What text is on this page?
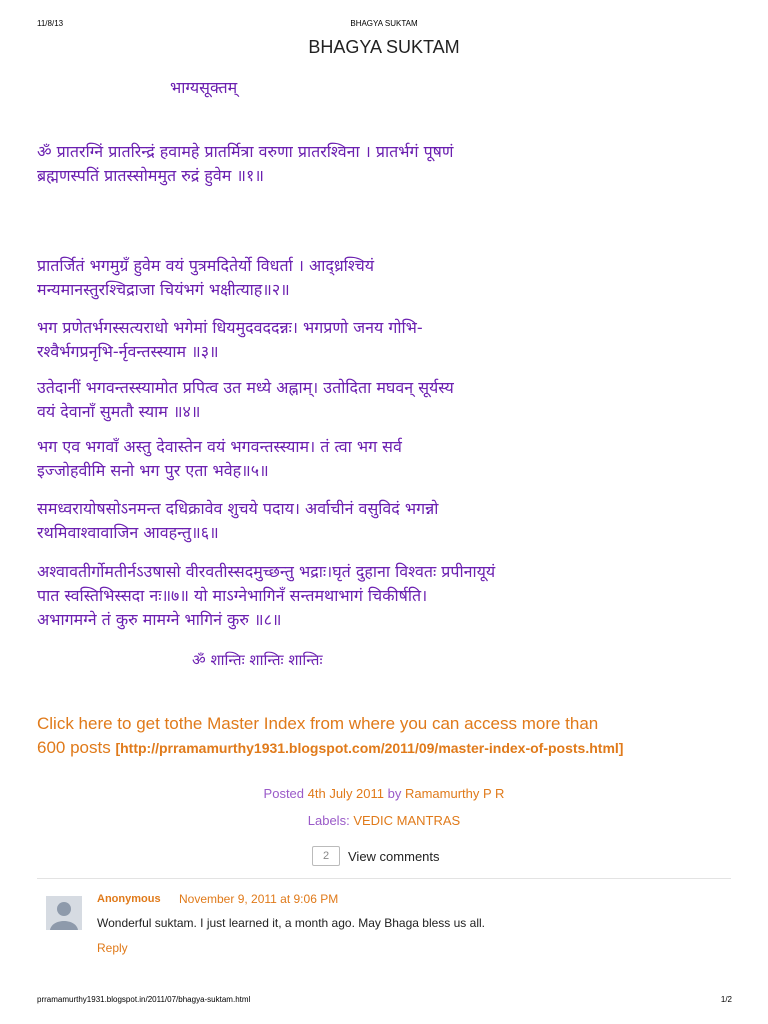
11/8/13	BHAGYA SUKTAM
BHAGYA SUKTAM
भाग्यसूक्तम्
ॐ प्रातरग्निं प्रातरिन्द्रं हवामहे प्रातर्मित्रा वरुणा प्रातरश्विना । प्रातर्भगं पूषणं
ब्रह्मणस्पतिं प्रातस्सोममुत रुद्रं हुवेम ॥१॥
प्रातर्जितं भगमुग्रँ हुवेम वयं पुत्रमदितेर्यो विधर्ता । आद्ध्रश्चियं
मन्यमानस्तुरश्चिद्राजा चियंभगं भक्षीत्याह॥२॥
भग प्रणेतर्भगस्सत्यराधो भगेमां धियमुदवददन्नः। भगप्रणो जनय गोभि-
रश्वैर्भगप्रनृभि-र्नृवन्तस्स्याम ॥३॥
उतेदानीं भगवन्तस्स्यामोत प्रपित्व उत मध्ये अह्नाम्। उतोदिता मघवन् सूर्यस्य
वयं देवानाँ सुमतौ स्याम ॥४॥
भग एव भगवाँ अस्तु देवास्तेन वयं भगवन्तस्स्याम। तं त्वा भग सर्व
इज्जोहवीमि सनो भग पुर एता भवेह॥५॥
समध्वरायोषसोऽनमन्त दधिक्रावेव शुचये पदाय। अर्वाचीनं वसुविदं भगन्नो
रथमिवाश्वावाजिन आवहन्तु॥६॥
अश्वावतीर्गोमतीर्नऽउषासो वीरवतीस्सदमुच्छन्तु भद्राः।घृतं दुहाना विश्वतः प्रपीनायूयं
पात स्वस्तिभिस्सदा नः॥७॥ यो माऽग्नेभागिनँ सन्तमथाभागं चिकीर्षति।
अभागमग्ने तं कुरु मामग्ने भागिनं कुरु ॥८॥
ॐ शान्तिः शान्तिः शान्तिः
Click here to get tothe Master Index from where you can access more than
600 posts [http://prramamurthy1931.blogspot.com/2011/09/master-index-of-posts.html]
Posted 4th July 2011 by Ramamurthy P R
Labels: VEDIC MANTRAS
2	View comments
Anonymous November 9, 2011 at 9:06 PM
Wonderful suktam. I just learned it, a month ago. May Bhaga bless us all.
Reply
prramamurthy1931.blogspot.in/2011/07/bhagya-suktam.html	1/2
